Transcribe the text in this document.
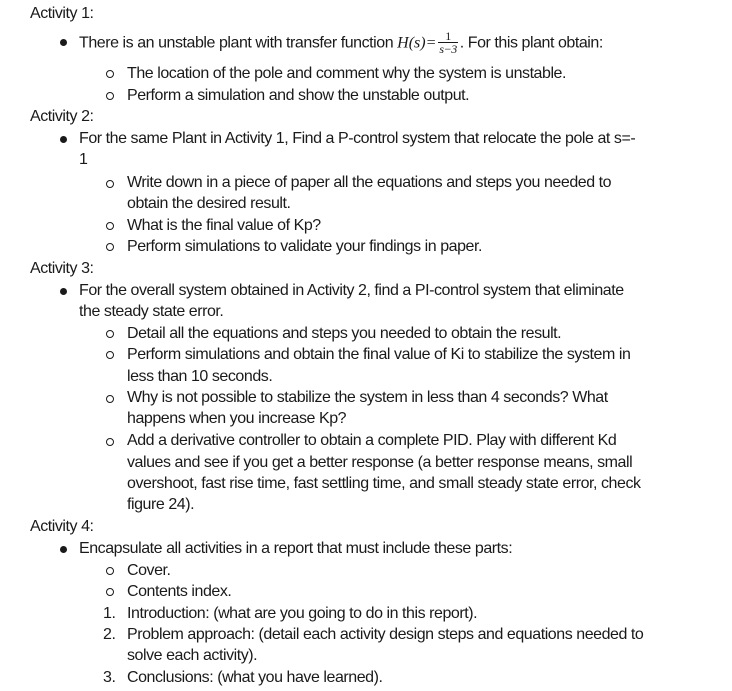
Activity 1:
There is an unstable plant with transfer function $H(s)= \frac{1}{s-3}$ . For this plant obtain:
The location of the pole and comment why the system is unstable.
Perform a simulation and show the unstable output.
Activity 2:
For the same Plant in Activity 1, Find a P-control system that relocate the pole at s=-
1
Write down in a piece of paper all the equations and steps you needed to
obtain the desired result.
What is the final value of Kp?
Perform simulations to validate your findings in paper.
Activity 3:
For the overall system obtained in Activity 2, find a PI-control system that eliminate
the steady state error.
Detail all the equations and steps you needed to obtain the result.
Perform simulations and obtain the final value of Ki to stabilize the system in
less than 10 seconds.
Why is not possible to stabilize the system in less than 4 seconds? What
happens when you increase Kp?
Add a derivative controller to obtain a complete PID. Play with different Kd
values and see if you get a better response (a better response means, small
overshoot, fast rise time, fast settling time, and small steady state error, check
figure 24).
Activity 4:
Encapsulate all activities in a report that must include these parts:
Cover.
Contents index.
1. Introduction: (what are you going to do in this report).
2. Problem approach: (detail each activity design steps and equations needed to
solve each activity).
3. Conclusions: (what you have learned).
